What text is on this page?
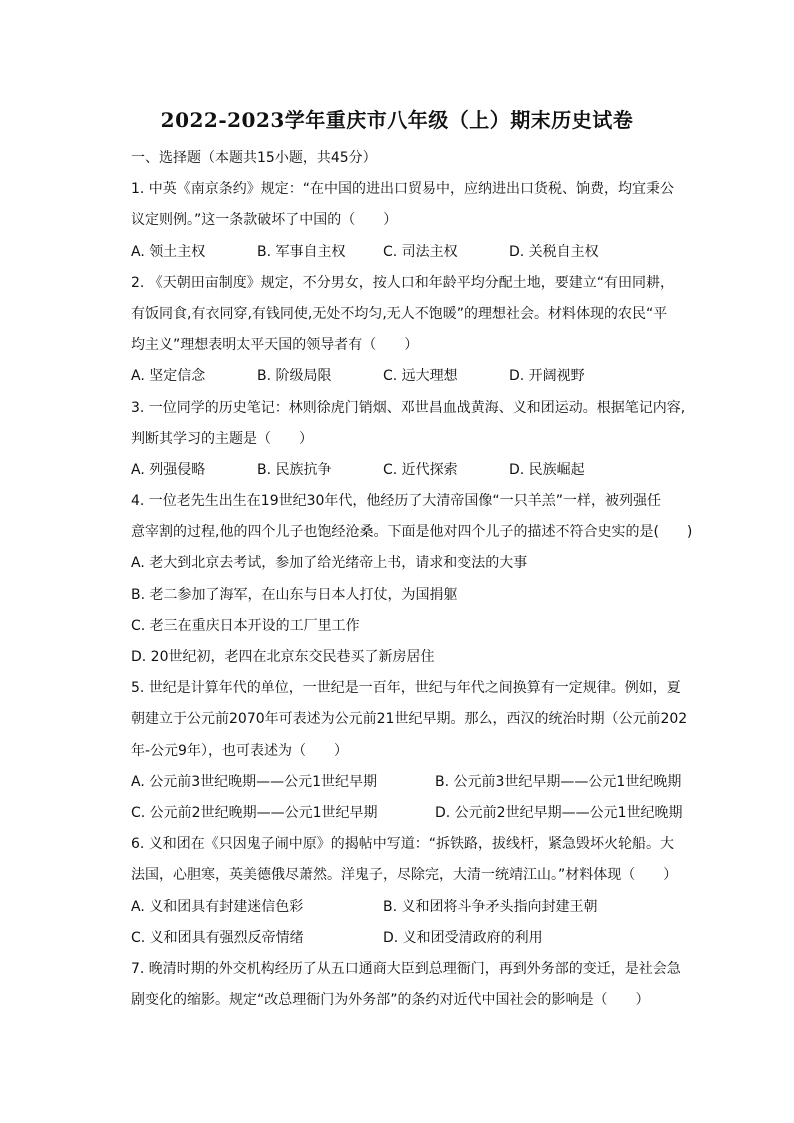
2022-2023学年重庆市八年级（上）期末历史试卷
一、选择题（本题共15小题，共45分）
1. 中英《南京条约》规定：“在中国的进出口贸易中，应纳进出口货税、饷费，均宜秉公
议定则例。”这一条款破坏了中国的（　　）
A. 领土主权	B. 军事自主权	C. 司法主权	D. 关税自主权
2. 《天朝田亩制度》规定，不分男女，按人口和年龄平均分配土地，要建立“有田同耕，
有饭同食,有衣同穿,有钱同使,无处不均匀,无人不饱暖”的理想社会。材料体现的农民“平
均主义”理想表明太平天国的领导者有（　　）
A. 坚定信念	B. 阶级局限	C. 远大理想	D. 开阔视野
3. 一位同学的历史笔记：林则徐虎门销烟、邓世昌血战黄海、义和团运动。根据笔记内容,
判断其学习的主题是（　　）
A. 列强侵略	B. 民族抗争	C. 近代探索	D. 民族崛起
4. 一位老先生出生在19世纪30年代，他经历了大清帝国像“一只羊羔”一样，被列强任
意宰割的过程,他的四个儿子也饱经沧桑。下面是他对四个儿子的描述不符合史实的是(　　)
A. 老大到北京去考试，参加了给光绪帝上书，请求和变法的大事
B. 老二参加了海军，在山东与日本人打仗，为国捐躯
C. 老三在重庆日本开设的工厂里工作
D. 20世纪初，老四在北京东交民巷买了新房居住
5. 世纪是计算年代的单位，一世纪是一百年，世纪与年代之间换算有一定规律。例如，夏
朝建立于公元前2070年可表述为公元前21世纪早期。那么，西汉的统治时期（公元前202
年-公元9年），也可表述为（　　）
A. 公元前3世纪晚期——公元1世纪早期	B. 公元前3世纪早期——公元1世纪晚期
C. 公元前2世纪晚期——公元1世纪早期	D. 公元前2世纪早期——公元1世纪晚期
6. 义和团在《只因鬼子闹中原》的揭帖中写道：“拆铁路，拔线杆，紧急毁坏火轮船。大
法国，心胆寒，英美德俄尽萧然。洋鬼子，尽除完，大清一统靖江山。”材料体现（　　）
A. 义和团具有封建迷信色彩	B. 义和团将斗争矛头指向封建王朝
C. 义和团具有强烈反帝情绪	D. 义和团受清政府的利用
7. 晚清时期的外交机构经历了从五口通商大臣到总理衙门，再到外务部的变迁，是社会急
剧变化的缩影。规定“改总理衙门为外务部”的条约对近代中国社会的影响是（　　）
